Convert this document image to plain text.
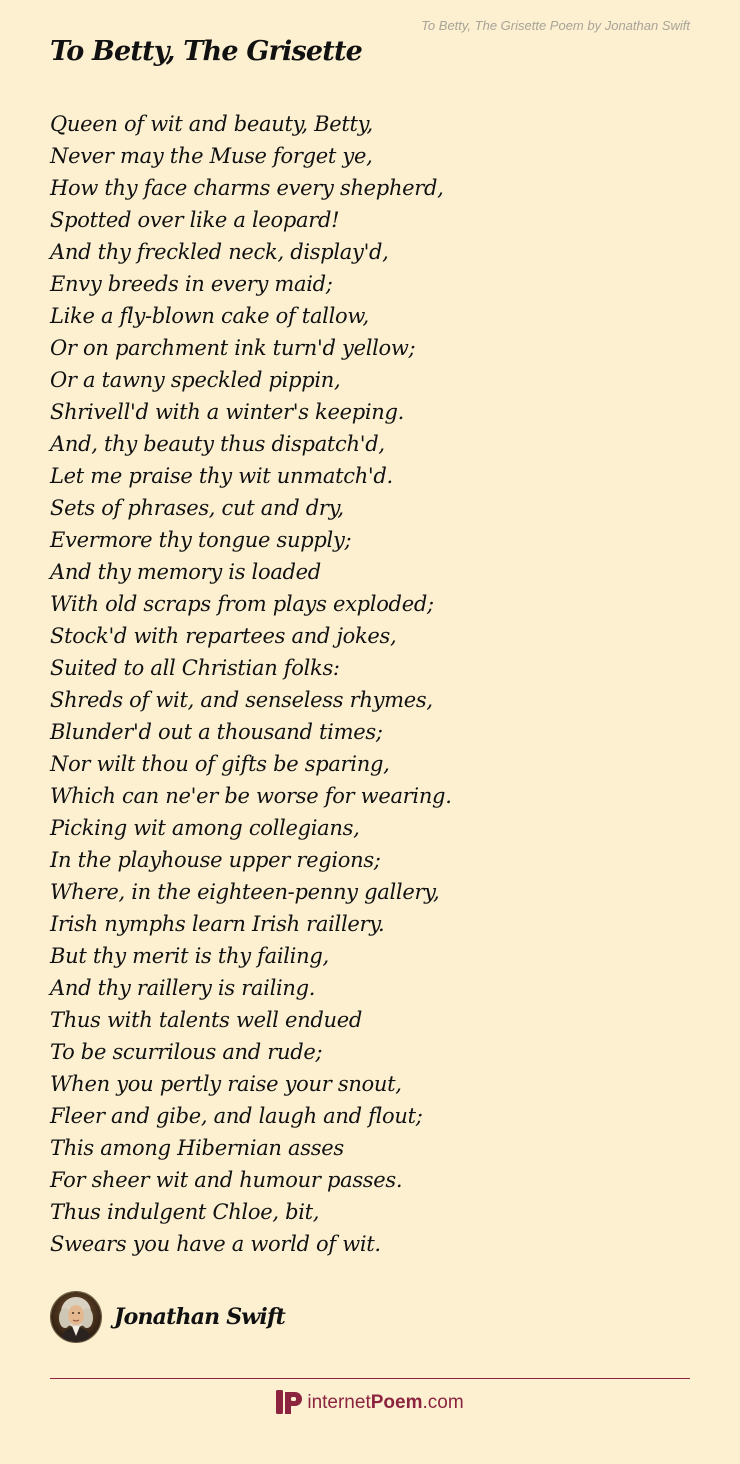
To Betty, The Grisette Poem by Jonathan Swift
To Betty, The Grisette
Queen of wit and beauty, Betty,
Never may the Muse forget ye,
How thy face charms every shepherd,
Spotted over like a leopard!
And thy freckled neck, display'd,
Envy breeds in every maid;
Like a fly-blown cake of tallow,
Or on parchment ink turn'd yellow;
Or a tawny speckled pippin,
Shrivell'd with a winter's keeping.
And, thy beauty thus dispatch'd,
Let me praise thy wit unmatch'd.
Sets of phrases, cut and dry,
Evermore thy tongue supply;
And thy memory is loaded
With old scraps from plays exploded;
Stock'd with repartees and jokes,
Suited to all Christian folks:
Shreds of wit, and senseless rhymes,
Blunder'd out a thousand times;
Nor wilt thou of gifts be sparing,
Which can ne'er be worse for wearing.
Picking wit among collegians,
In the playhouse upper regions;
Where, in the eighteen-penny gallery,
Irish nymphs learn Irish raillery.
But thy merit is thy failing,
And thy raillery is railing.
Thus with talents well endued
To be scurrilous and rude;
When you pertly raise your snout,
Fleer and gibe, and laugh and flout;
This among Hibernian asses
For sheer wit and humour passes.
Thus indulgent Chloe, bit,
Swears you have a world of wit.
Jonathan Swift
internetPoem.com
